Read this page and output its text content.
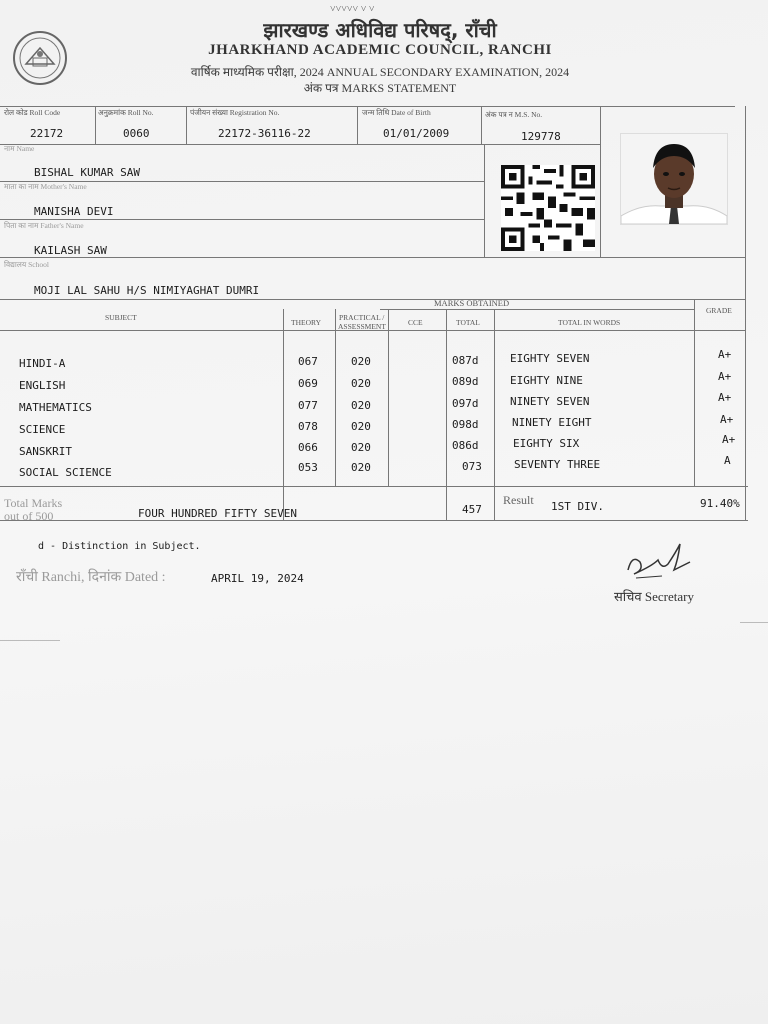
˅˅˅˅˅ ˅ ˅
झारखण्ड अधिविद्य परिषद्, राँची
JHARKHAND ACADEMIC COUNCIL, RANCHI
वार्षिक माध्यमिक परीक्षा, 2024 ANNUAL SECONDARY EXAMINATION, 2024
अंक पत्र MARKS STATEMENT
रोल कोड Roll Code	अनुक्रमांक Roll No.	पंजीयन संख्या Registration No.	जन्म तिथि Date of Birth	अंक पत्र न M.S. No.
22172	0060	22172-36116-22	01/01/2009	129778
नाम Name
BISHAL KUMAR SAW
माता का नाम Mother's Name
MANISHA DEVI
पिता का नाम Father's Name
KAILASH SAW
विद्यालय School
MOJI LAL SAHU H/S NIMIYAGHAT DUMRI
MARKS OBTAINED
SUBJECT
THEORY
PRACTICAL /
ASSESSMENT	CCE	TOTAL	TOTAL IN WORDS
GRADE
HINDI-A	067	020	087d	EIGHTY SEVEN	A+
ENGLISH	069	020	089d	EIGHTY NINE	A+
MATHEMATICS	077	020	097d	NINETY SEVEN	A+
SCIENCE	078	020	098d	NINETY EIGHT	A+
SANSKRIT	066	020	086d	EIGHTY SIX	A+
SOCIAL SCIENCE	053	020	073	SEVENTY THREE	A
Total Marks
out of 500	FOUR HUNDRED FIFTY SEVEN	457
Result 1ST DIV.	91.40%
d - Distinction in Subject.
राँची Ranchi, दिनांक Dated :	APRIL 19, 2024
सचिव Secretary
